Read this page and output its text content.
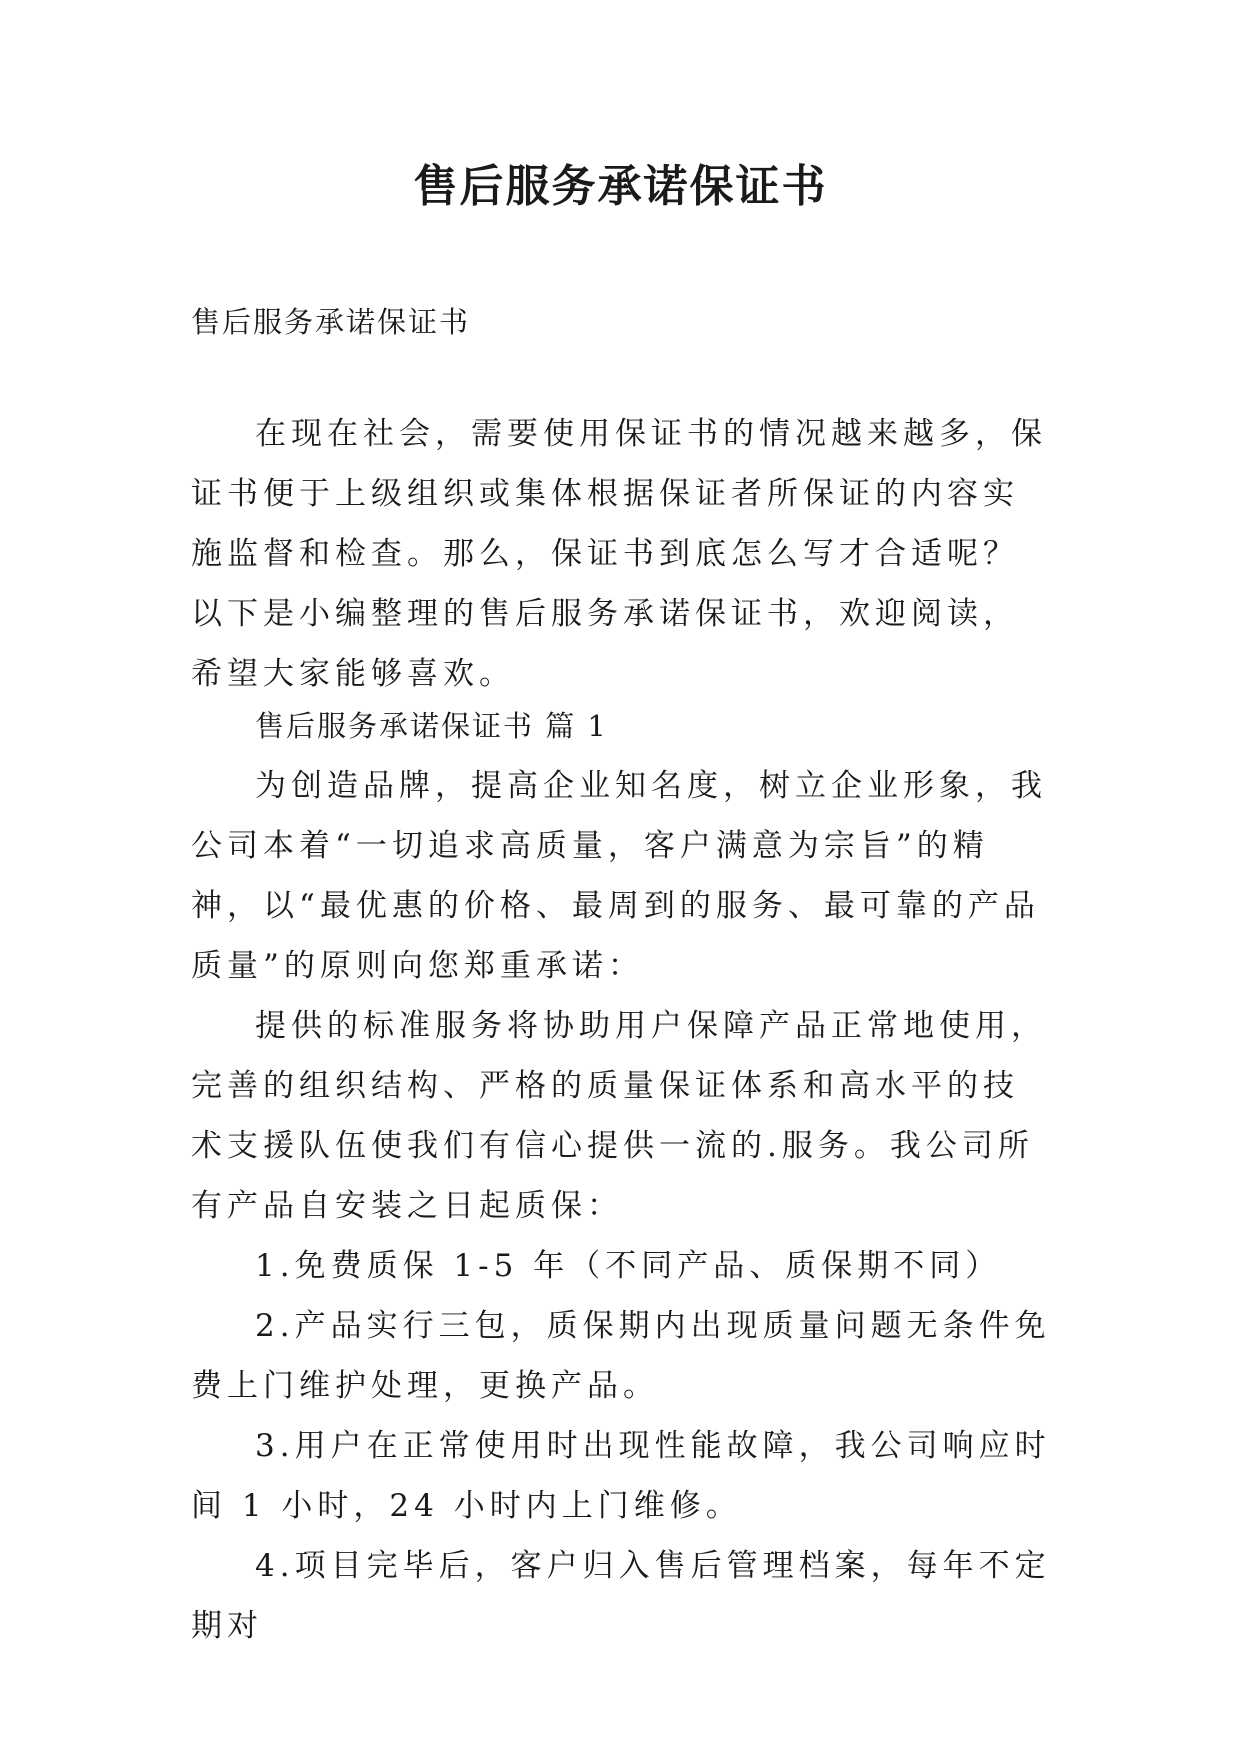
售后服务承诺保证书
售后服务承诺保证书

在现在社会，需要使用保证书的情况越来越多，保证书便于上级组织或集体根据保证者所保证的内容实施监督和检查。那么，保证书到底怎么写才合适呢？以下是小编整理的售后服务承诺保证书，欢迎阅读，希望大家能够喜欢。

售后服务承诺保证书 篇 1

为创造品牌，提高企业知名度，树立企业形象，我公司本着“一切追求高质量，客户满意为宗旨”的精神，以“最优惠的价格、最周到的服务、最可靠的产品质量”的原则向您郑重承诺：

提供的标准服务将协助用户保障产品正常地使用，完善的组织结构、严格的质量保证体系和高水平的技术支援队伍使我们有信心提供一流的.服务。我公司所有产品自安装之日起质保：

1.免费质保 1-5 年（不同产品、质保期不同）

2.产品实行三包，质保期内出现质量问题无条件免费上门维护处理，更换产品。

3.用户在正常使用时出现性能故障，我公司响应时间 1 小时，24 小时内上门维修。

4.项目完毕后，客户归入售后管理档案，每年不定期对
